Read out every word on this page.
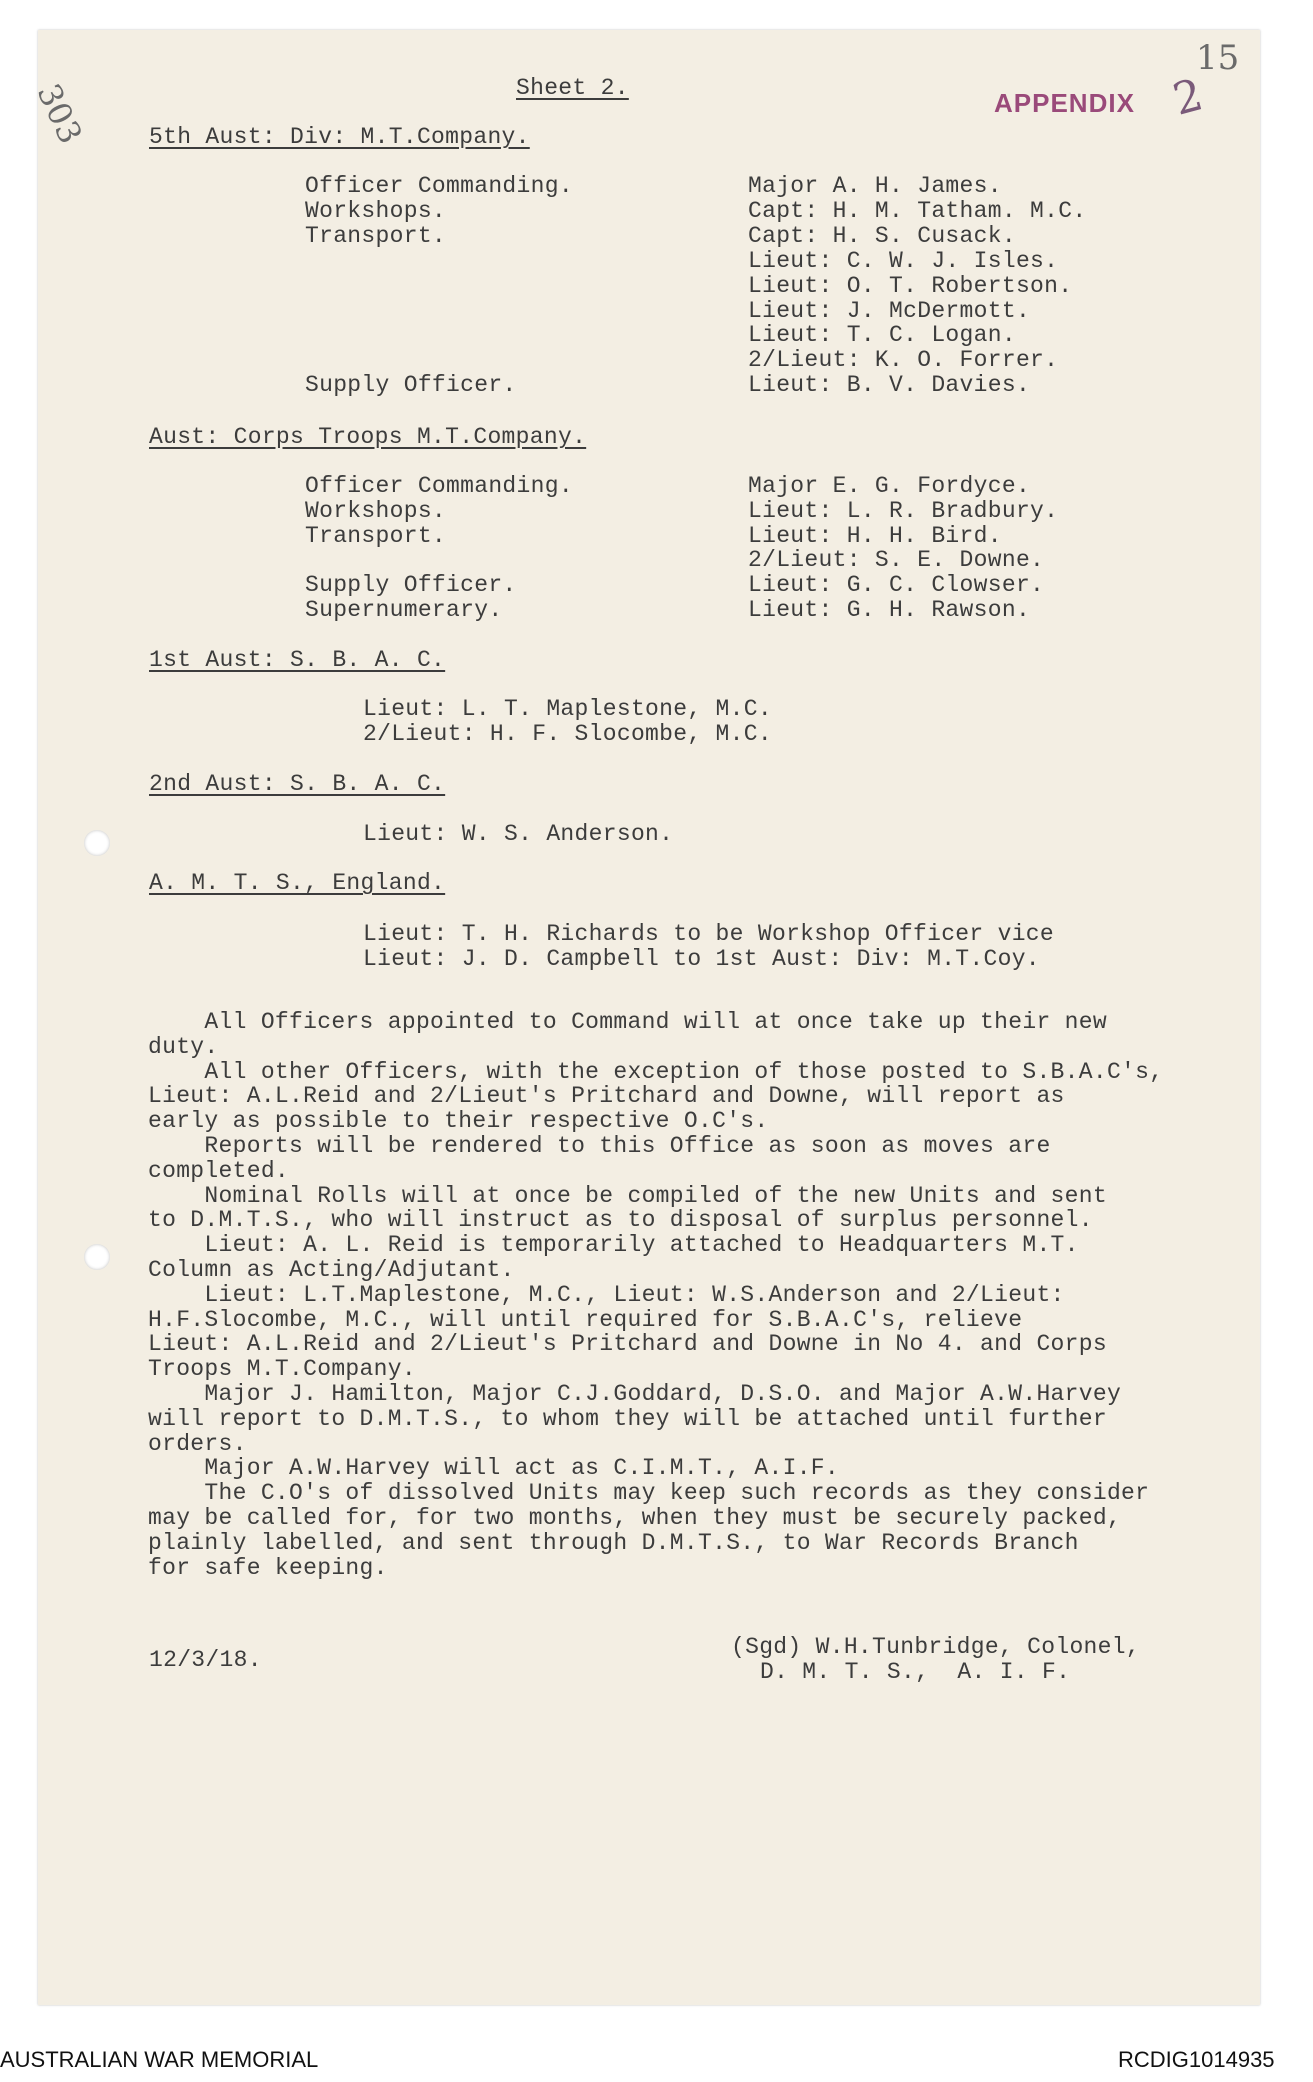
303
15
APPENDIX 2
Sheet 2.
5th Aust: Div: M.T.Company.
Officer Commanding.	Major A. H. James.
Workshops.	Capt: H. M. Tatham. M.C.
Transport.	Capt: H. S. Cusack.
Lieut: C. W. J. Isles.
Lieut: O. T. Robertson.
Lieut: J. McDermott.
Lieut: T. C. Logan.
2/Lieut: K. O. Forrer.
Supply Officer.	Lieut: B. V. Davies.
Aust: Corps Troops M.T.Company.
Officer Commanding.	Major E. G. Fordyce.
Workshops.	Lieut: L. R. Bradbury.
Transport.	Lieut: H. H. Bird.
2/Lieut: S. E. Downe.
Supply Officer.	Lieut: G. C. Clowser.
Supernumerary.	Lieut: G. H. Rawson.
1st Aust: S. B. A. C.
Lieut: L. T. Maplestone, M.C.
2/Lieut: H. F. Slocombe, M.C.
2nd Aust: S. B. A. C.
Lieut: W. S. Anderson.
A. M. T. S., England.
Lieut: T. H. Richards to be Workshop Officer vice
Lieut: J. D. Campbell to 1st Aust: Div: M.T.Coy.
All Officers appointed to Command will at once take up their new
duty.
All other Officers, with the exception of those posted to S.B.A.C's,
Lieut: A.L.Reid and 2/Lieut's Pritchard and Downe, will report as
early as possible to their respective O.C's.
Reports will be rendered to this Office as soon as moves are
completed.
Nominal Rolls will at once be compiled of the new Units and sent
to D.M.T.S., who will instruct as to disposal of surplus personnel.
Lieut: A. L. Reid is temporarily attached to Headquarters M.T.
Column as Acting/Adjutant.
Lieut: L.T.Maplestone, M.C., Lieut: W.S.Anderson and 2/Lieut:
H.F.Slocombe, M.C., will until required for S.B.A.C's, relieve
Lieut: A.L.Reid and 2/Lieut's Pritchard and Downe in No 4. and Corps
Troops M.T.Company.
Major J. Hamilton, Major C.J.Goddard, D.S.O. and Major A.W.Harvey
will report to D.M.T.S., to whom they will be attached until further
orders.
Major A.W.Harvey will act as C.I.M.T., A.I.F.
The C.O's of dissolved Units may keep such records as they consider
may be called for, for two months, when they must be securely packed,
plainly labelled, and sent through D.M.T.S., to War Records Branch
for safe keeping.
12/3/18.	(Sgd) W.H.Tunbridge, Colonel,
D. M. T. S.,  A. I. F.
AUSTRALIAN WAR MEMORIAL	RCDIG1014935
